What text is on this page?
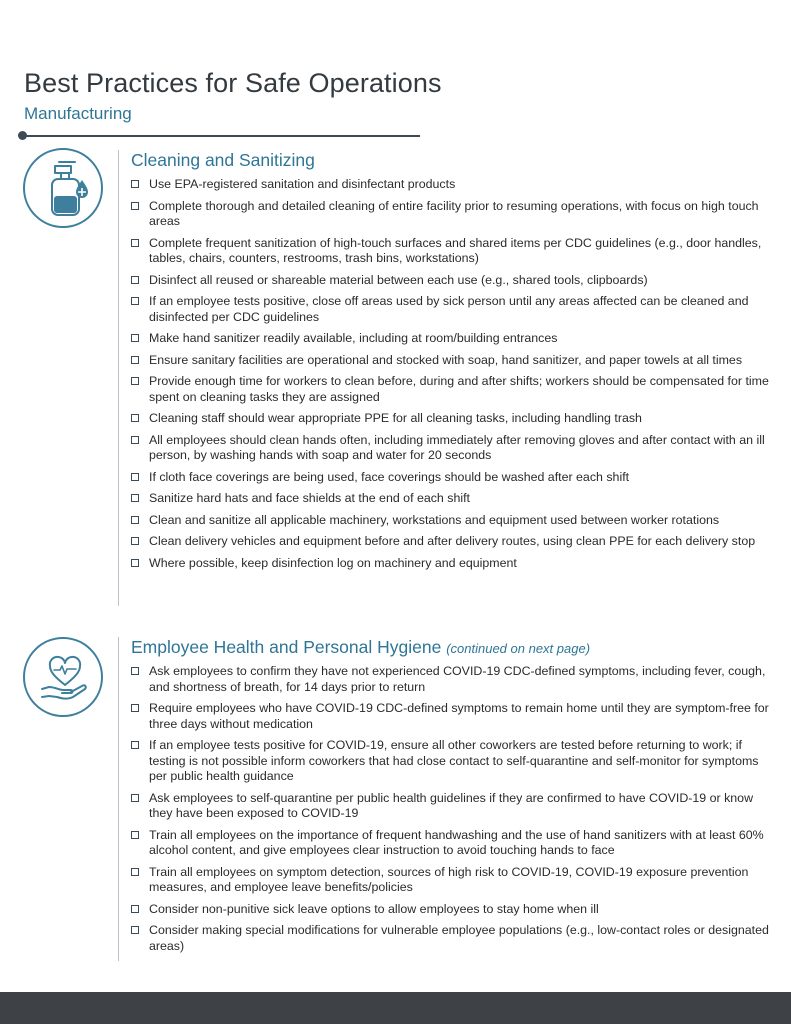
Best Practices for Safe Operations
Manufacturing
Cleaning and Sanitizing
Use EPA-registered sanitation and disinfectant products
Complete thorough and detailed cleaning of entire facility prior to resuming operations, with focus on high touch areas
Complete frequent sanitization of high-touch surfaces and shared items per CDC guidelines (e.g., door handles, tables, chairs, counters, restrooms, trash bins, workstations)
Disinfect all reused or shareable material between each use (e.g., shared tools, clipboards)
If an employee tests positive, close off areas used by sick person until any areas affected can be cleaned and disinfected per CDC guidelines
Make hand sanitizer readily available, including at room/building entrances
Ensure sanitary facilities are operational and stocked with soap, hand sanitizer, and paper towels at all times
Provide enough time for workers to clean before, during and after shifts; workers should be compensated for time spent on cleaning tasks they are assigned
Cleaning staff should wear appropriate PPE for all cleaning tasks, including handling trash
All employees should clean hands often, including immediately after removing gloves and after contact with an ill person, by washing hands with soap and water for 20 seconds
If cloth face coverings are being used, face coverings should be washed after each shift
Sanitize hard hats and face shields at the end of each shift
Clean and sanitize all applicable machinery, workstations and equipment used between worker rotations
Clean delivery vehicles and equipment before and after delivery routes, using clean PPE for each delivery stop
Where possible, keep disinfection log on machinery and equipment
Employee Health and Personal Hygiene (continued on next page)
Ask employees to confirm they have not experienced COVID-19 CDC-defined symptoms, including fever, cough, and shortness of breath, for 14 days prior to return
Require employees who have COVID-19 CDC-defined symptoms to remain home until they are symptom-free for three days without medication
If an employee tests positive for COVID-19, ensure all other coworkers are tested before returning to work; if testing is not possible inform coworkers that had close contact to self-quarantine and self-monitor for symptoms per public health guidance
Ask employees to self-quarantine per public health guidelines if they are confirmed to have COVID-19 or know they have been exposed to COVID-19
Train all employees on the importance of frequent handwashing and the use of hand sanitizers with at least 60% alcohol content, and give employees clear instruction to avoid touching hands to face
Train all employees on symptom detection, sources of high risk to COVID-19, COVID-19 exposure prevention measures, and employee leave benefits/policies
Consider non-punitive sick leave options to allow employees to stay home when ill
Consider making special modifications for vulnerable employee populations (e.g., low-contact roles or designated areas)
